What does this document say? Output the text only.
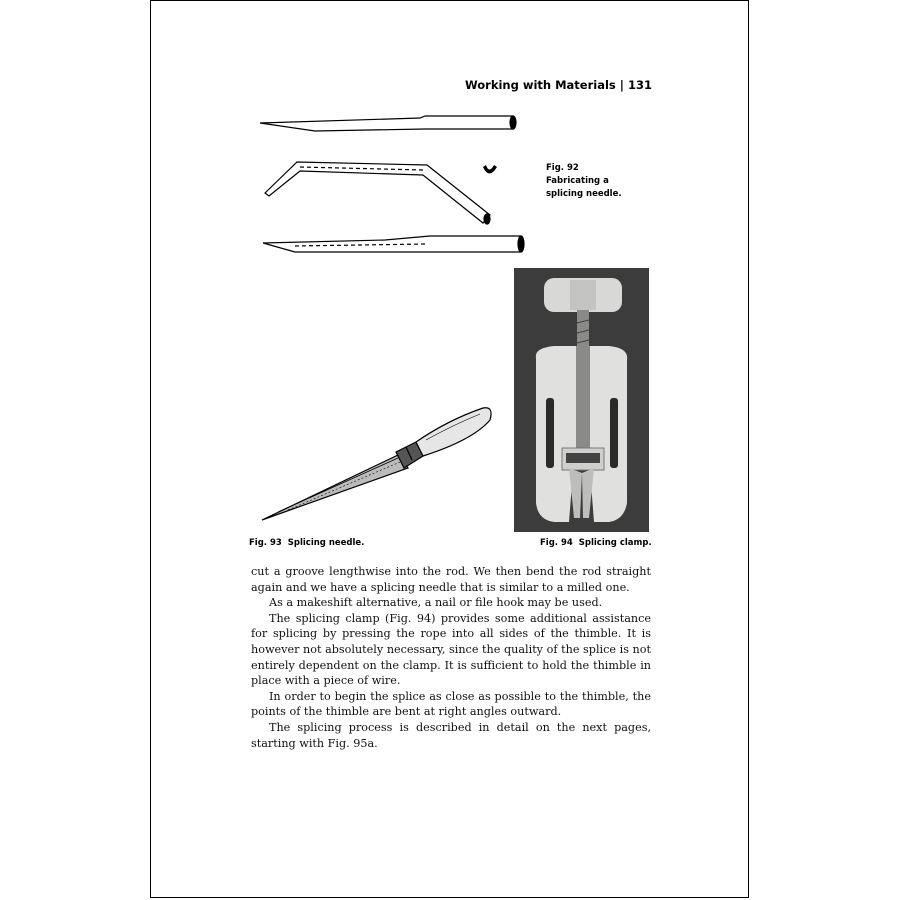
Working with Materials | 131
Fig. 92
Fabricating a
splicing needle.
Fig. 93 Splicing needle.	Fig. 94 Splicing clamp.

cut a groove lengthwise into the rod. We then bend the rod straight again and we have a splicing needle that is similar to a milled one.

As a makeshift alternative, a nail or file hook may be used.

The splicing clamp (Fig. 94) provides some additional assistance for splicing by pressing the rope into all sides of the thimble. It is however not absolutely necessary, since the quality of the splice is not entirely dependent on the clamp. It is sufficient to hold the thimble in place with a piece of wire.

In order to begin the splice as close as possible to the thimble, the points of the thimble are bent at right angles outward.

The splicing process is described in detail on the next pages, starting with Fig. 95a.
